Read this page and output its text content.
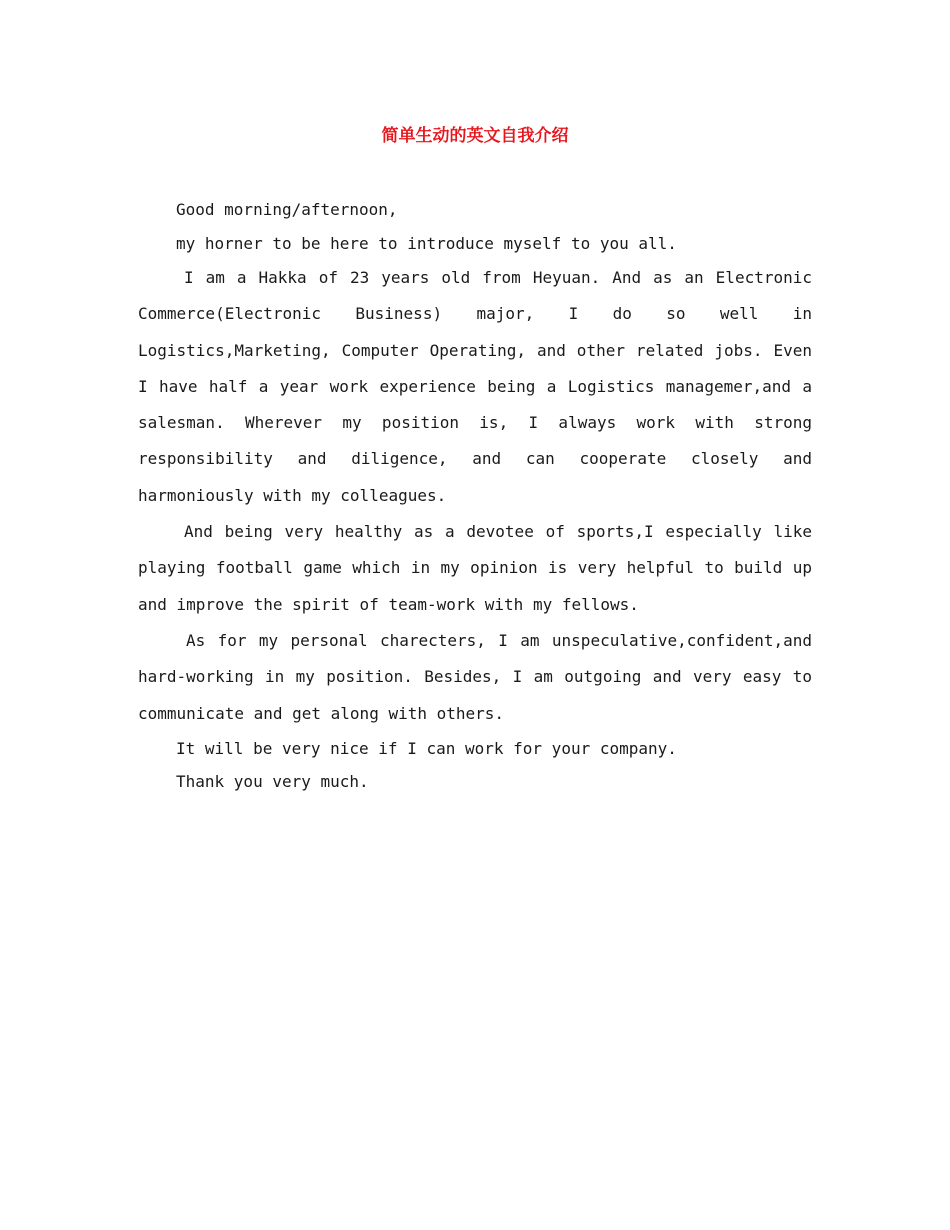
简单生动的英文自我介绍

Good morning/afternoon,

my horner to be here to introduce myself to you all.

I am a Hakka of 23 years old from Heyuan. And as an Electronic Commerce(Electronic Business) major, I do so well in Logistics,Marketing, Computer Operating, and other related jobs. Even I have half a year work experience being a Logistics managemer,and a salesman. Wherever my position is, I always work with strong responsibility and diligence, and can cooperate closely and harmoniously with my colleagues.

And being very healthy as a devotee of sports,I especially like playing football game which in my opinion is very helpful to build up and improve the spirit of team-work with my fellows.

As for my personal charecters, I am unspeculative,confident,and hard-working in my position. Besides, I am outgoing and very easy to communicate and get along with others.

It will be very nice if I can work for your company.

Thank you very much.
